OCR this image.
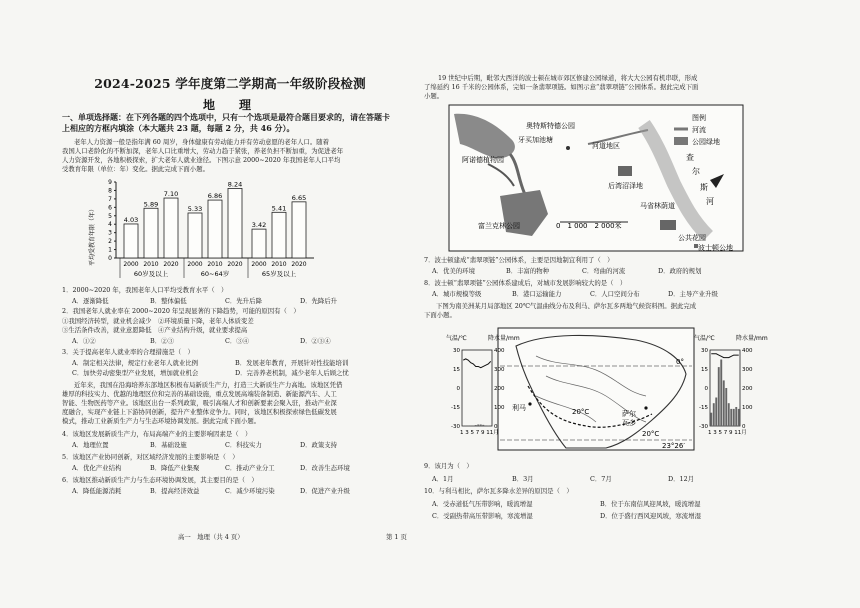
2024-2025 学年度第二学期高一年级阶段检测
地　理
一、单项选择题：在下列各题的四个选项中，只有一个选项是最符合题目要求的，请在答题卡上相应的方框内填涂（本大题共 23 题，每题 2 分，共 46 分）。
老年人力资源一般是指年满 60 周岁，身体健康有劳动能力并有劳动意愿的老年人口。随着
我国人口老龄化的不断加深，老年人口比重增大，劳动力趋于紧张，养老负担不断加重，为促进老年
人力资源开发，各地积极探索，扩大老年人就业途径。下图示意 2000~2020 年我国老年人口平均
受教育年限（单位：年）变化。据此完成下面小题。
平均受教育年限（年） 0
1
2
3
4
5
6
7
8
9
4.03
5.89
7.10
5.33
6.86
8.24
3.42
5.41
6.65
2000 2010 2020
60岁及以上
2000 2010 2020
60~64岁
2000 2010 2020
65岁及以上
1．2000~2020 年，我国老年人口平均受教育水平（　）
A．逐渐降低	B．整体偏低	C．先升后降	D．先降后升
2．我国老年人就业率在 2000~2020 年呈现显著的下降趋势，可能的原因有（　）
①我国经济转型，就业机会减少　②环境质量下降，老年人体质变差
③生活条件改善，就业意愿降低　④产业结构升级，就业要求提高
A．①②	B．②③	C．③④	D．②③④
3．关于提高老年人就业率的合理措施是（　）
A．制定相关法律，规定行业老年人就业比例	B．发展老年教育，开展针对性技能培训
C．加快劳动密集型产业发展，增加就业机会	D．完善养老机制，减少老年人后顾之忧
近年来，我国在沿海培养东部地区积极布局新质生产力，打造三大新质生产力高地。该地区凭借
雄厚的科技实力、优越的地理区位和完善的基础设施，重点发展高端装备制造、新能源汽车、人工
智能、生物医药等产业。该地区出台一系列政策，吸引高端人才和创新要素会聚入驻，推动产业深
度融合，实现产业链上下游协同创新，提升产业整体竞争力。同时，该地区积极探索绿色低碳发展
模式，推动工业新质生产力与生态环境协调发展。据此完成下面小题。
4．该地区发展新质生产力，布局高端产业的主要影响因素是（　）
A．地理位置	B．基础设施	C．科技实力	D．政策支持
5．该地区产业协同创新，对区域经济发展的主要影响是（　）
A．优化产业结构	B．降低产业集聚	C．推动产业分工	D．改善生态环境
6．该地区推动新质生产力与生态环境协调发展，其主要目的是（　）
A．降低能源消耗	B．提高经济效益	C．减少环境污染	D．促进产业升级
高一　地理（共 4 页）	第 1 页
19 世纪中后期，毗邻大西洋的波士顿在城市郊区修建公园绿道，将大大公园有机串联，形成
了绵延约 16 千米的公园体系，完如一条翡翠项链。如图示意“翡翠项链”公园体系。据此完成下面
小题。
奥特斯特德公园
牙买加池塘
河道地区
阿诺德植物园
后湾沼泽地
马省林荫道
富兰克林公园
公共花园
波士顿公地
查
尔
斯
河
0　1 000　2 000米
图例
河流
公园绿地
7．波士顿建成“翡翠项链”公园体系，主要是因地制宜利用了（　）
A．优美的环境	B．丰富的物种	C．弯曲的河流	D．政府的规划
8．波士顿“翡翠项链”公园体系建成后，对城市发展影响较大的是（　）
A．城市规模等级	B．港口运输能力	C．人口空间分布	D．主导产业升级
下图为南美洲某月局部地区 20℃气温曲线分布及利马、萨尔瓦多两地气候资料图。据此完成
下面小题。
0°
利马	20°C	萨尔
瓦多
20°C
23°26′
气温/℃	降水量/mm
30
15
0
-15
-30
400
300
200
100
0
1 3 5 7 9 11月
气温/℃	降水量/mm
30
15
0
-15
-30
400
300
200
100
0
1 3 5 7 9 11月
9．该月为（　）
A．1月	B．3月	C．7月	D．12月
10．与利马相比，萨尔瓦多降水差异的原因是（　）
A．受赤道低气压带影响，暖流增湿	B．位于东南信风迎风坡，暖流增湿
C．受副热带高压带影响，寒流增湿	D．位于盛行西风迎风坡，寒流增湿
